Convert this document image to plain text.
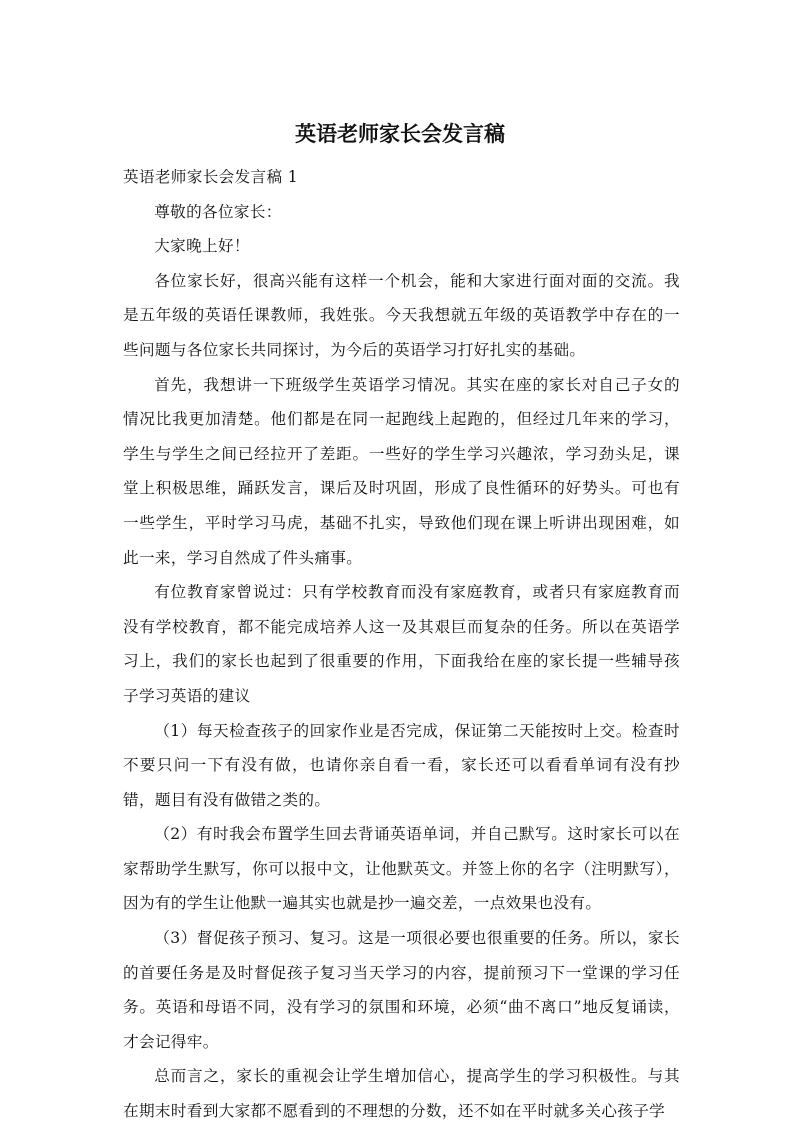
英语老师家长会发言稿

英语老师家长会发言稿 1

尊敬的各位家长：

大家晚上好！

各位家长好，很高兴能有这样一个机会，能和大家进行面对面的交流。我是五年级的英语任课教师，我姓张。今天我想就五年级的英语教学中存在的一些问题与各位家长共同探讨，为今后的英语学习打好扎实的基础。

首先，我想讲一下班级学生英语学习情况。其实在座的家长对自己子女的情况比我更加清楚。他们都是在同一起跑线上起跑的，但经过几年来的学习，学生与学生之间已经拉开了差距。一些好的学生学习兴趣浓，学习劲头足，课堂上积极思维，踊跃发言，课后及时巩固，形成了良性循环的好势头。可也有一些学生，平时学习马虎，基础不扎实，导致他们现在课上听讲出现困难，如此一来，学习自然成了件头痛事。

有位教育家曾说过：只有学校教育而没有家庭教育，或者只有家庭教育而没有学校教育，都不能完成培养人这一及其艰巨而复杂的任务。所以在英语学习上，我们的家长也起到了很重要的作用，下面我给在座的家长提一些辅导孩子学习英语的建议

（1）每天检查孩子的回家作业是否完成，保证第二天能按时上交。检查时不要只问一下有没有做，也请你亲自看一看，家长还可以看看单词有没有抄错，题目有没有做错之类的。

（2）有时我会布置学生回去背诵英语单词，并自己默写。这时家长可以在家帮助学生默写，你可以报中文，让他默英文。并签上你的名字（注明默写），因为有的学生让他默一遍其实也就是抄一遍交差，一点效果也没有。

（3）督促孩子预习、复习。这是一项很必要也很重要的任务。所以，家长的首要任务是及时督促孩子复习当天学习的内容，提前预习下一堂课的学习任务。英语和母语不同，没有学习的氛围和环境，必须“曲不离口”地反复诵读，才会记得牢。

总而言之，家长的重视会让学生增加信心，提高学生的学习积极性。与其在期末时看到大家都不愿看到的不理想的分数，还不如在平时就多关心孩子学
